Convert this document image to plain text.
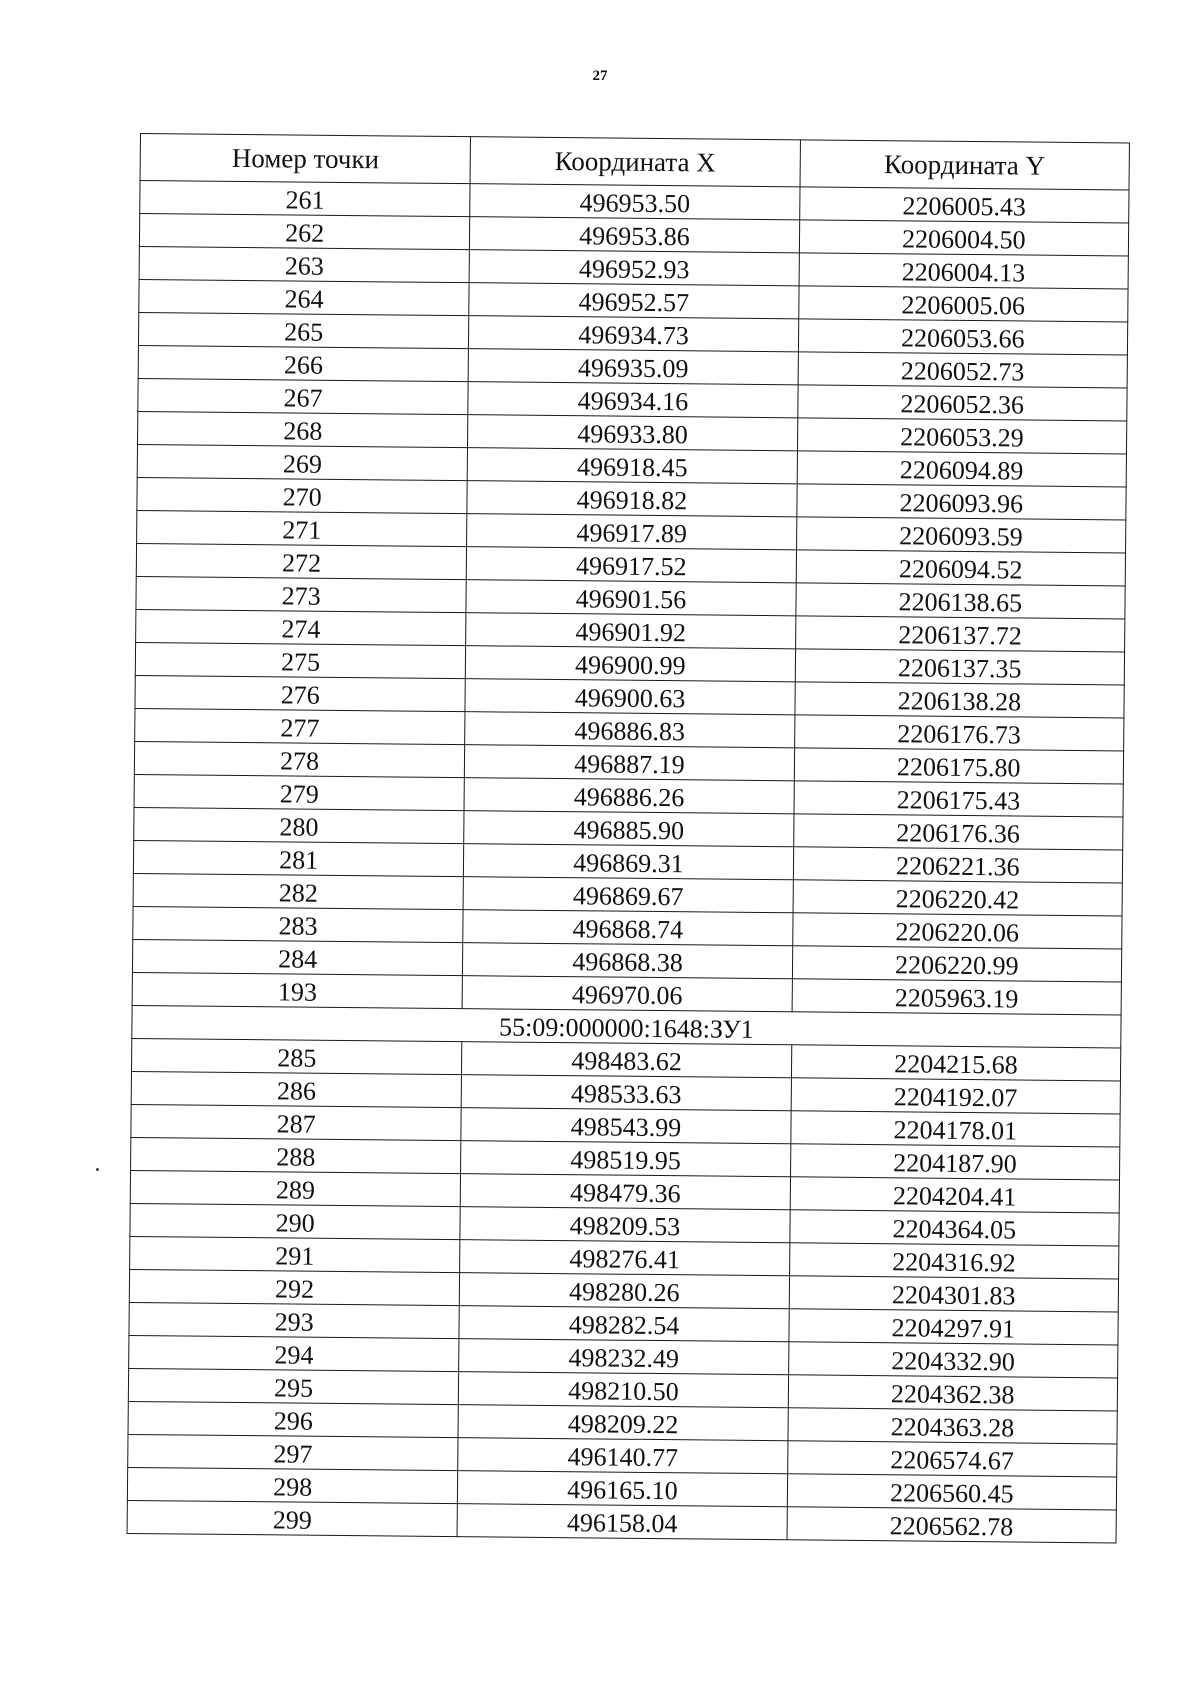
27
Номер точки	Координата X	Координата Y
261	496953.50	2206005.43
262	496953.86	2206004.50
263	496952.93	2206004.13
264	496952.57	2206005.06
265	496934.73	2206053.66
266	496935.09	2206052.73
267	496934.16	2206052.36
268	496933.80	2206053.29
269	496918.45	2206094.89
270	496918.82	2206093.96
271	496917.89	2206093.59
272	496917.52	2206094.52
273	496901.56	2206138.65
274	496901.92	2206137.72
275	496900.99	2206137.35
276	496900.63	2206138.28
277	496886.83	2206176.73
278	496887.19	2206175.80
279	496886.26	2206175.43
280	496885.90	2206176.36
281	496869.31	2206221.36
282	496869.67	2206220.42
283	496868.74	2206220.06
284	496868.38	2206220.99
193	496970.06	2205963.19
55:09:000000:1648:ЗУ1		
285	498483.62	2204215.68
286	498533.63	2204192.07
287	498543.99	2204178.01
288	498519.95	2204187.90
289	498479.36	2204204.41
290	498209.53	2204364.05
291	498276.41	2204316.92
292	498280.26	2204301.83
293	498282.54	2204297.91
294	498232.49	2204332.90
295	498210.50	2204362.38
296	498209.22	2204363.28
297	496140.77	2206574.67
298	496165.10	2206560.45
299	496158.04	2206562.78
